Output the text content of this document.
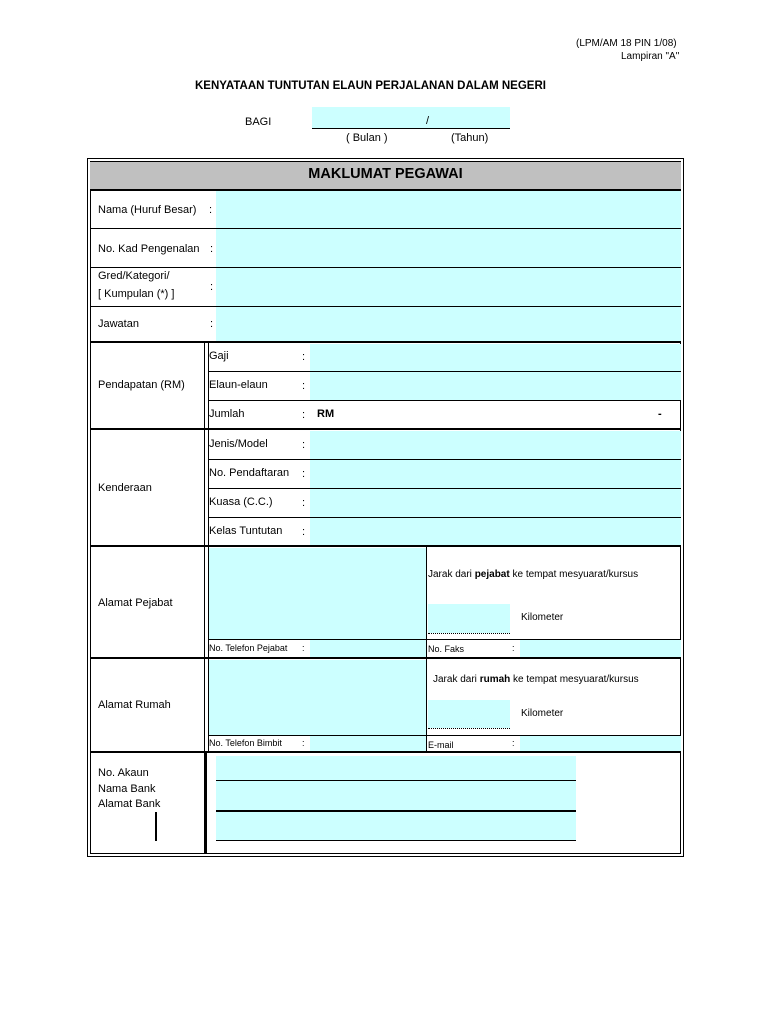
(LPM/AM 18 PIN 1/08)
Lampiran "A"
KENYATAAN TUNTUTAN ELAUN PERJALANAN DALAM NEGERI
BAGI	/
( Bulan )	(Tahun)
MAKLUMAT PEGAWAI
Nama (Huruf Besar) :
No. Kad Pengenalan :
Gred/Kategori/
[ Kumpulan (*) ]
:
Jawatan	:
Pendapatan (RM)
Gaji	:
Elaun-elaun	:
Jumlah	: RM	-
Kenderaan
Jenis/Model	:
No. Pendaftaran :
Kuasa (C.C.)	:
Kelas Tuntutan :
Alamat Pejabat
Jarak dari pejabat ke tempat mesyuarat/kursus
Kilometer
No. Telefon Pejabat :	No. Faks	:
Alamat Rumah
Jarak dari rumah ke tempat mesyuarat/kursus
Kilometer
No. Telefon Bimbit :	E-mail	:
No. Akaun
Nama Bank
Alamat Bank
